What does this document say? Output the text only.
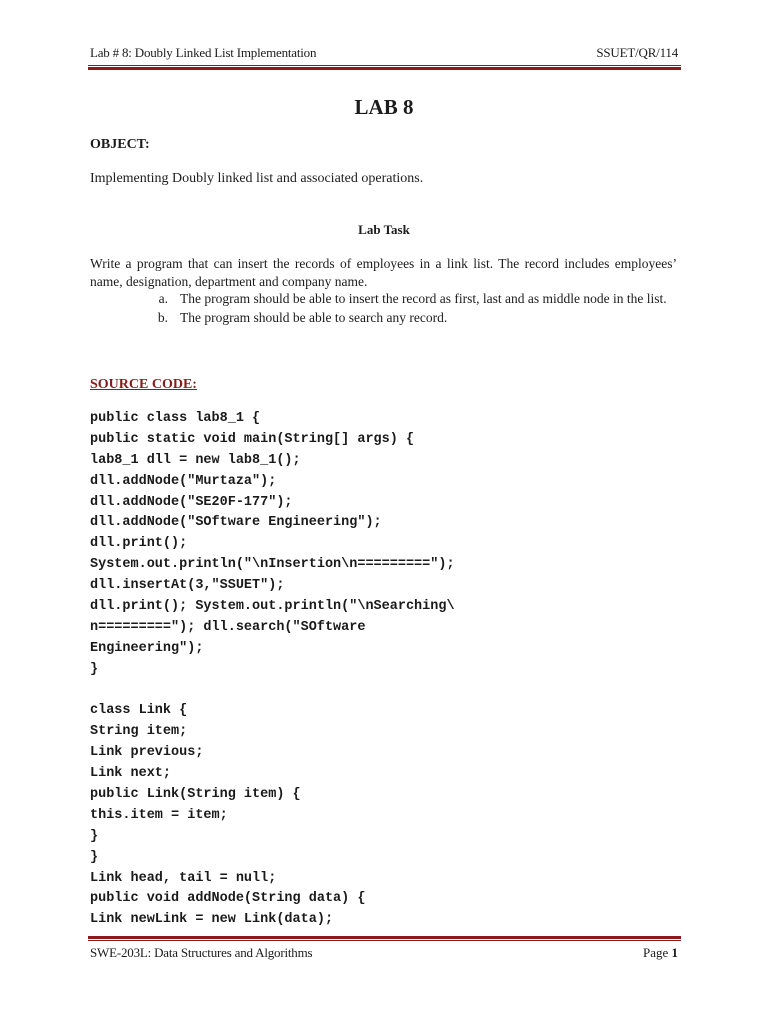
Lab # 8: Doubly Linked List Implementation	SSUET/QR/114
LAB 8
OBJECT:
Implementing Doubly linked list and associated operations.
Lab Task
Write a program that can insert the records of employees in a link list. The record includes employees’ name, designation, department and company name.
a. The program should be able to insert the record as first, last and as middle node in the list.
b. The program should be able to search any record.
SOURCE CODE:
public class lab8_1 {
public static void main(String[] args) {
lab8_1 dll = new lab8_1();
dll.addNode("Murtaza");
dll.addNode("SE20F-177");
dll.addNode("SOftware Engineering");
dll.print();
System.out.println("\nInsertion\n=========");
dll.insertAt(3,"SSUET");
dll.print(); System.out.println("\nSearching\
n========="); dll.search("SOftware
Engineering");
}
class Link {
String item;
Link previous;
Link next;
public Link(String item) {
this.item = item;
}
}
Link head, tail = null;
public void addNode(String data) {
Link newLink = new Link(data);
SWE-203L: Data Structures and Algorithms	Page 1
